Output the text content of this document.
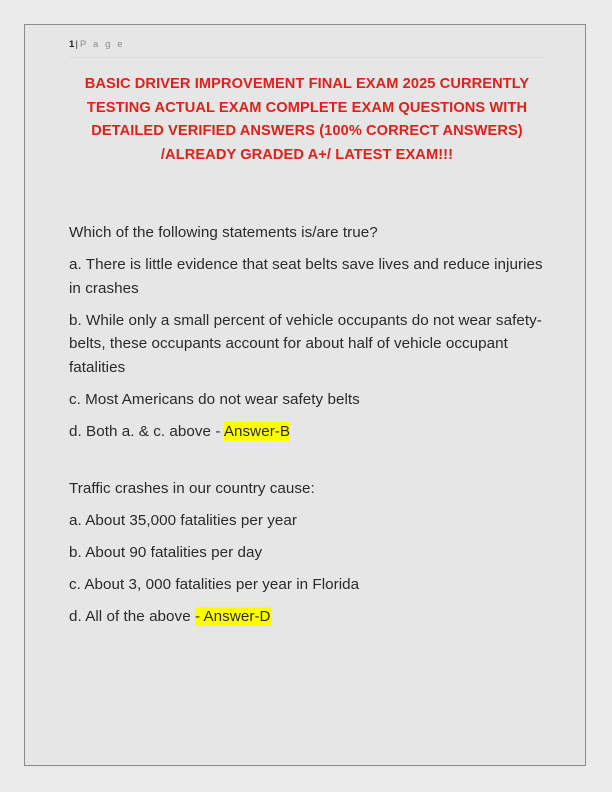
1| P a g e
BASIC DRIVER IMPROVEMENT FINAL EXAM 2025 CURRENTLY TESTING ACTUAL EXAM COMPLETE EXAM QUESTIONS WITH DETAILED VERIFIED ANSWERS (100% CORRECT ANSWERS) /ALREADY GRADED A+/ LATEST EXAM!!!

Which of the following statements is/are true?

a. There is little evidence that seat belts save lives and reduce injuries in crashes

b. While only a small percent of vehicle occupants do not wear safety-belts, these occupants account for about half of vehicle occupant fatalities

c. Most Americans do not wear safety belts

d. Both a. & c. above - Answer-B

Traffic crashes in our country cause:

a. About 35,000 fatalities per year

b. About 90 fatalities per day

c. About 3, 000 fatalities per year in Florida

d. All of the above - Answer-D
